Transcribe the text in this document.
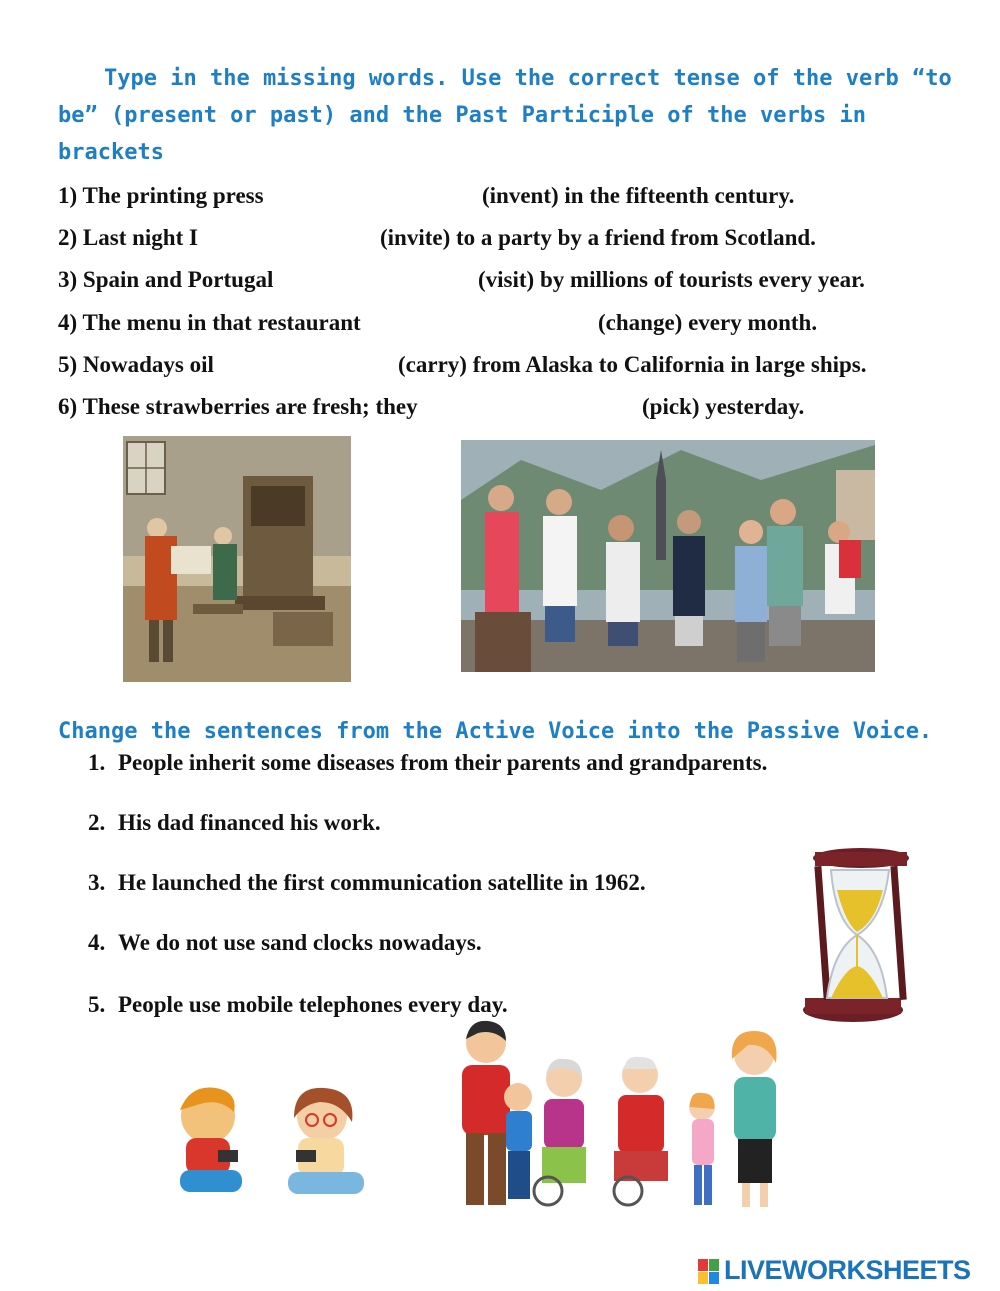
Type in the missing words. Use the correct tense of the verb “to be” (present or past) and the Past Participle of the verbs in brackets
1) The printing press	(invent) in the fifteenth century.
2) Last night I	(invite) to a party by a friend from Scotland.
3) Spain and Portugal	(visit) by millions of tourists every year.
4) The menu in that restaurant	(change) every month.
5) Nowadays oil	(carry) from Alaska to California in large ships.
6) These strawberries are fresh; they	(pick) yesterday.
Change the sentences from the Active Voice into the Passive Voice.
1. People inherit some diseases from their parents and grandparents.
2. His dad financed his work.
3. He launched the first communication satellite in 1962.
4. We do not use sand clocks nowadays.
5. People use mobile telephones every day.
LIVEWORKSHEETS
